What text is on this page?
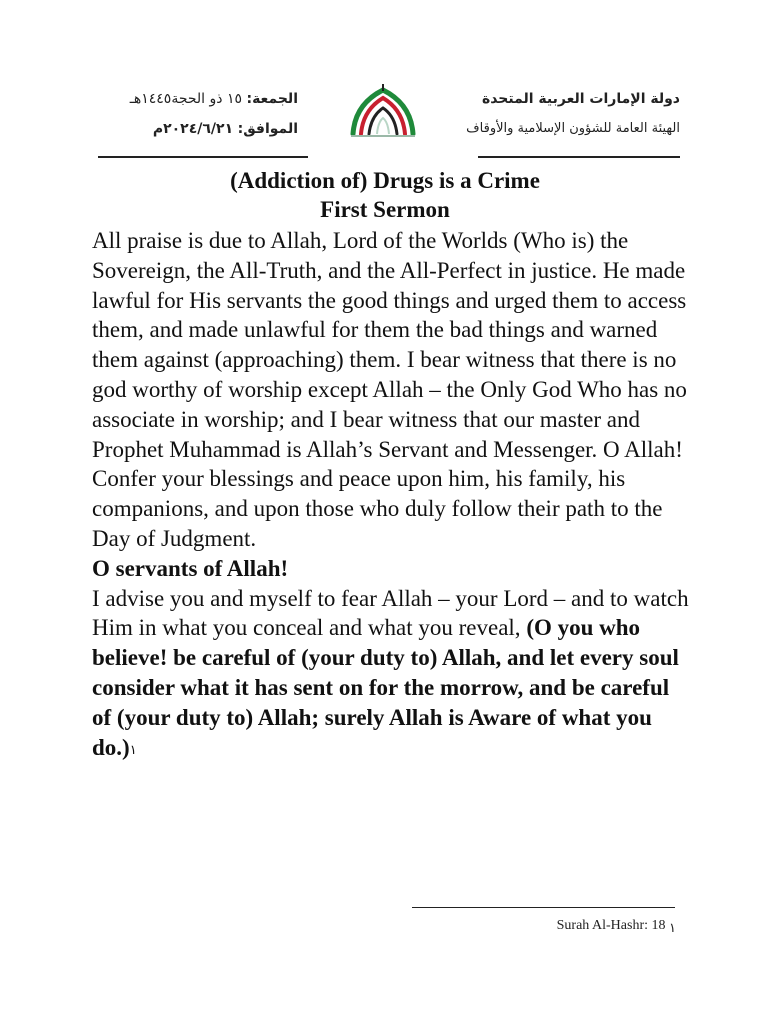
دولة الإمارات العربية المتحدة
الهيئة العامة للشؤون الإسلامية والأوقاف
الجمعة: ١٥ ذو الحجة١٤٤٥هـ
الموافق: ٢٠٢٤/٦/٢١م
(Addiction of) Drugs is a Crime
First Sermon

All praise is due to Allah, Lord of the Worlds (Who is) the Sovereign, the All-Truth, and the All-Perfect in justice. He made lawful for His servants the good things and urged them to access them, and made unlawful for them the bad things and warned them against (approaching) them. I bear witness that there is no god worthy of worship except Allah – the Only God Who has no associate in worship; and I bear witness that our master and Prophet Muhammad is Allah’s Servant and Messenger. O Allah! Confer your blessings and peace upon him, his family, his companions, and upon those who duly follow their path to the Day of Judgment.

O servants of Allah!

I advise you and myself to fear Allah – your Lord – and to watch Him in what you conceal and what you reveal, (O you who believe! be careful of (your duty to) Allah, and let every soul consider what it has sent on for the morrow, and be careful of (your duty to) Allah; surely Allah is Aware of what you do.)$^١$

Surah Al-Hashr: 18 ١
